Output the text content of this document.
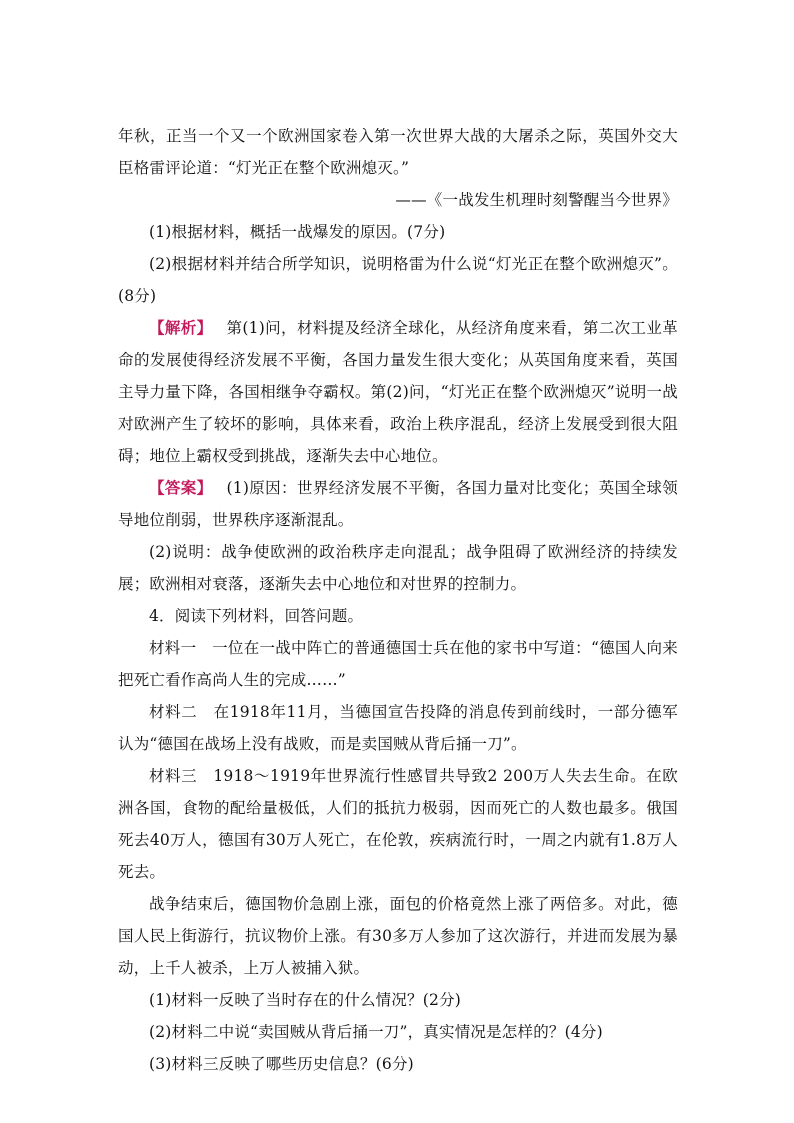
年秋，正当一个又一个欧洲国家卷入第一次世界大战的大屠杀之际，英国外交大臣格雷评论道：“灯光正在整个欧洲熄灭。”

——《一战发生机理时刻警醒当今世界》

(1)根据材料，概括一战爆发的原因。(7分)

(2)根据材料并结合所学知识，说明格雷为什么说“灯光正在整个欧洲熄灭”。(8分)

【解析】 第(1)问，材料提及经济全球化，从经济角度来看，第二次工业革命的发展使得经济发展不平衡，各国力量发生很大变化；从英国角度来看，英国主导力量下降，各国相继争夺霸权。第(2)问，“灯光正在整个欧洲熄灭”说明一战对欧洲产生了较坏的影响，具体来看，政治上秩序混乱，经济上发展受到很大阻碍；地位上霸权受到挑战，逐渐失去中心地位。

【答案】 (1)原因：世界经济发展不平衡，各国力量对比变化；英国全球领导地位削弱，世界秩序逐渐混乱。

(2)说明：战争使欧洲的政治秩序走向混乱；战争阻碍了欧洲经济的持续发展；欧洲相对衰落，逐渐失去中心地位和对世界的控制力。

4．阅读下列材料，回答问题。

材料一　一位在一战中阵亡的普通德国士兵在他的家书中写道：“德国人向来把死亡看作高尚人生的完成……”

材料二　在1918年11月，当德国宣告投降的消息传到前线时，一部分德军认为“德国在战场上没有战败，而是卖国贼从背后捅一刀”。

材料三　1918～1919年世界流行性感冒共导致2 200万人失去生命。在欧洲各国，食物的配给量极低，人们的抵抗力极弱，因而死亡的人数也最多。俄国死去40万人，德国有30万人死亡，在伦敦，疾病流行时，一周之内就有1.8万人死去。

战争结束后，德国物价急剧上涨，面包的价格竟然上涨了两倍多。对此，德国人民上街游行，抗议物价上涨。有30多万人参加了这次游行，并进而发展为暴动，上千人被杀，上万人被捕入狱。

(1)材料一反映了当时存在的什么情况？(2分)

(2)材料二中说“卖国贼从背后捅一刀”，真实情况是怎样的？(4分)

(3)材料三反映了哪些历史信息？(6分)
